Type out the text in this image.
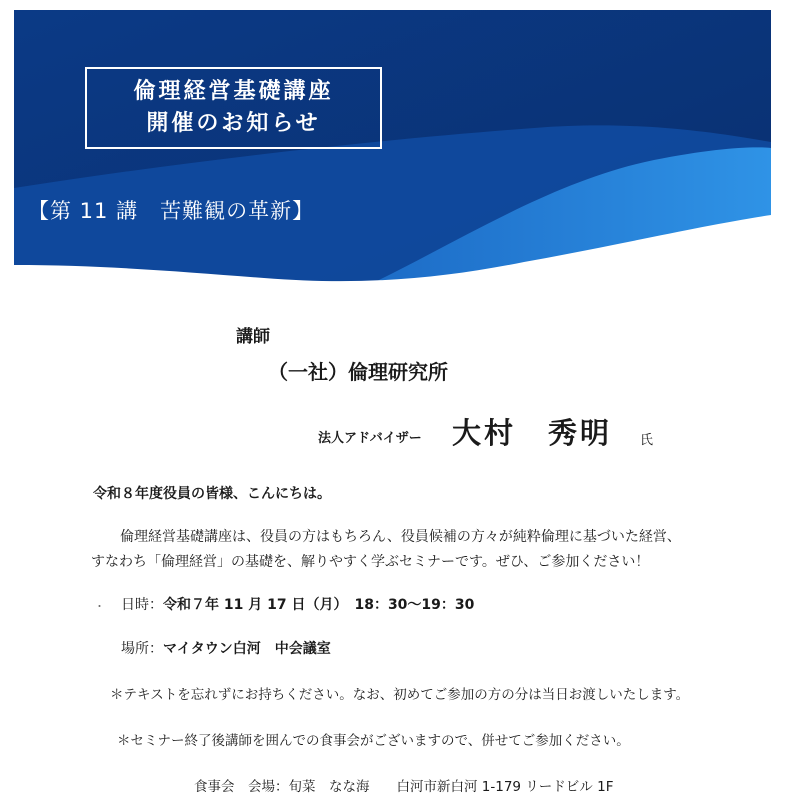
倫理経営基礎講座
開催のお知らせ
【第 11 講　苦難観の革新】
講師
（一社）倫理研究所
法人アドバイザー 大村　秀明 氏
令和８年度役員の皆様、こんにちは。
倫理経営基礎講座は、役員の方はもちろん、役員候補の方々が純粋倫理に基づいた経営、
すなわち「倫理経営」の基礎を、解りやすく学ぶセミナーです。ぜひ、ご参加ください！
・ 日時：令和７年 11 月 17 日（月）　18：30～19：30
場所：マイタウン白河　中会議室
＊テキストを忘れずにお持ちください。なお、初めてご参加の方の分は当日お渡しいたします。
＊セミナー終了後講師を囲んでの食事会がございますので、併せてご参加ください。
食事会　会場：旬菜　なな海　　白河市新白河 1-179 リードビル 1F
